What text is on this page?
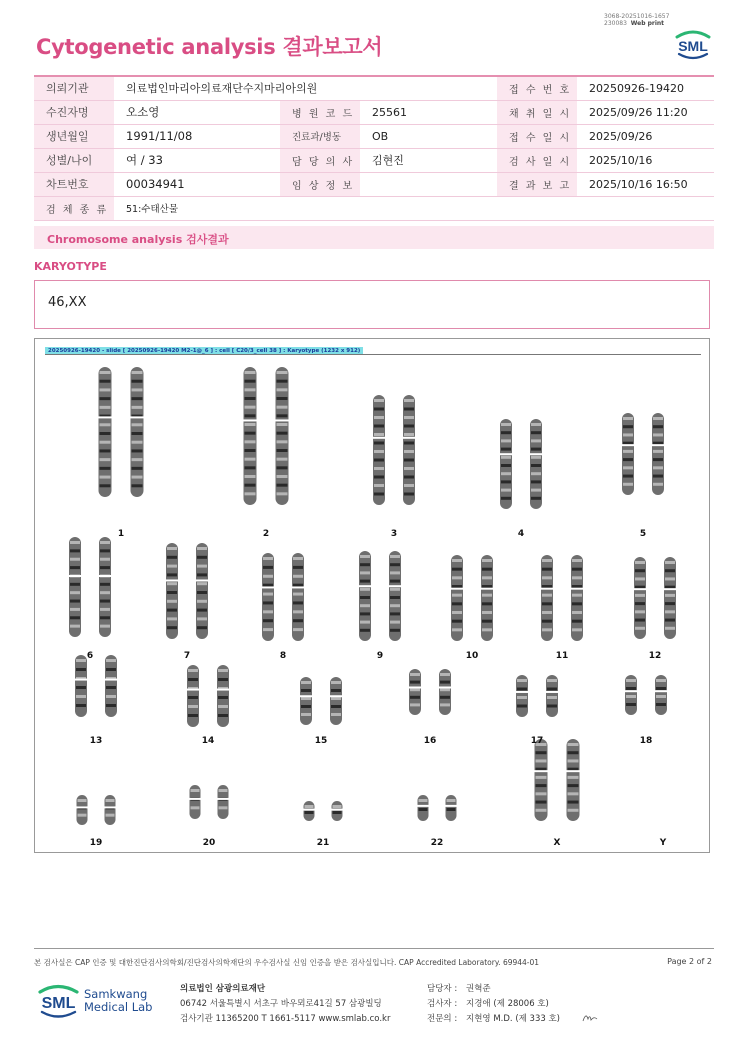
3068-20251016-1657
230083 Web print
Cytogenetic analysis 결과보고서	SML
의뢰기관	의료법인마리아의료재단수지마리아의원			접 수 번 호	20250926-19420
수진자명	오소영	병 원 코 드	25561	채 취 일 시	2025/09/26 11:20
생년월일	1991/11/08	진료과/병동	OB	접 수 일 시	2025/09/26
성별/나이	여 / 33	담 당 의 사	김현진	검 사 일 시	2025/10/16
차트번호	00034941	임 상 정 보		결 과 보 고	2025/10/16 16:50
검 체 종 류	51:수태산물				
Chromosome analysis 검사결과
KARYOTYPE
46,XX
20250926-19420 - slide [ 20250926-19420 M2-1@_6 ] : cell [ C20/3_cell 38 ] : Karyotype (1232 x 912)
1	2	3	4	5
6	7	8	9	10	11	12
13	14	15	16	17	18
19	20	21	22	X	Y
본 검사실은 CAP 인증 및 대한진단검사의학회/진단검사의학재단의 우수검사실 신임 인증을 받은 검사실입니다. CAP Accredited Laboratory. 69944-01	Page 2 of 2
SML
Samkwang
Medical Lab
의료법인 삼광의료재단
06742 서울특별시 서초구 바우뫼로41길 57 삼광빌딩
검사기관 11365200 T 1661-5117 www.smlab.co.kr
담당자 : 권혁준
검사자 : 지경애 (제 28006 호)
전문의 : 지현영 M.D. (제 333 호)
